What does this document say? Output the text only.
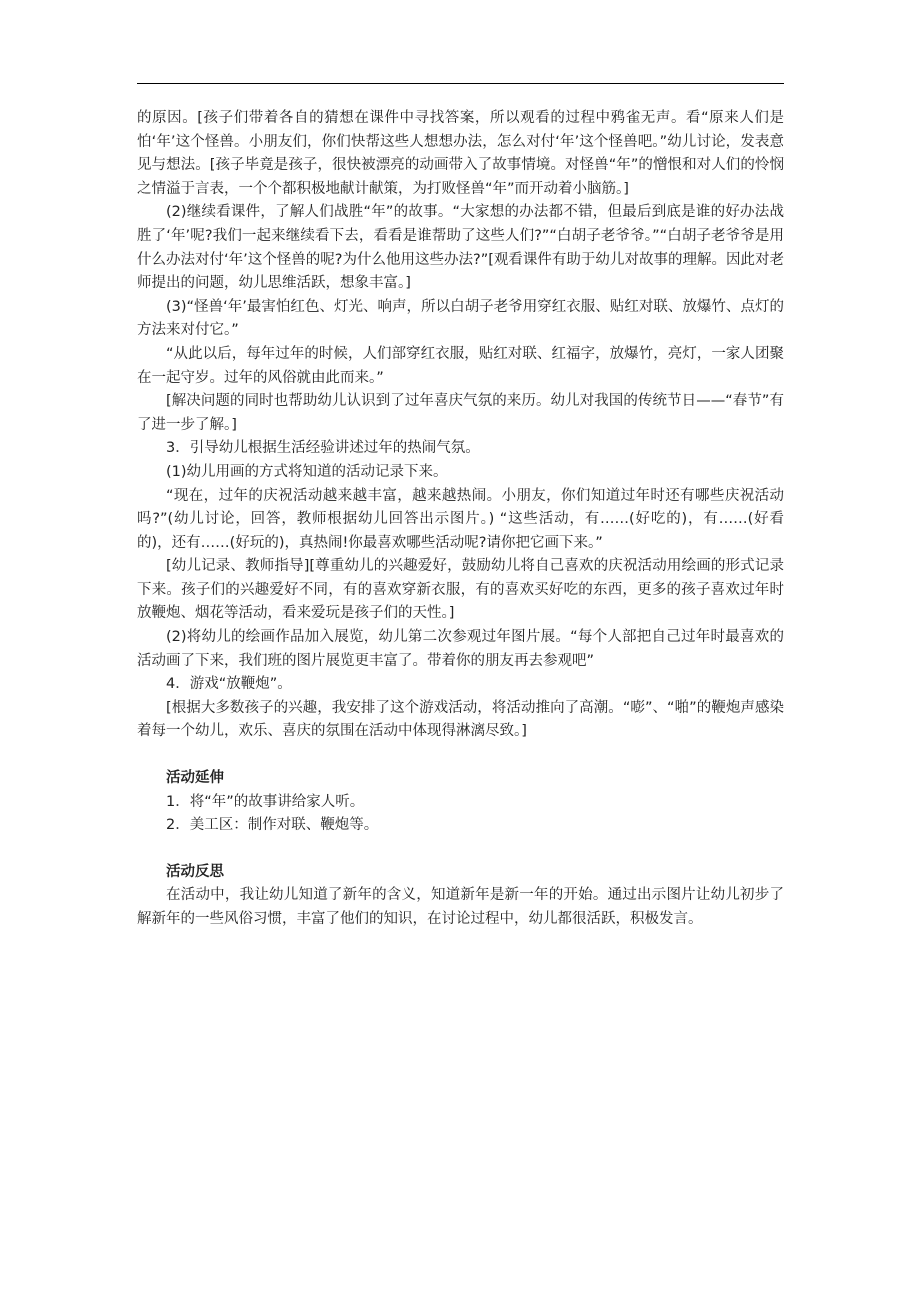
的原因。[孩子们带着各自的猜想在课件中寻找答案，所以观看的过程中鸦雀无声。看“原来人们是怕‘年’这个怪兽。小朋友们，你们快帮这些人想想办法，怎么对付‘年’这个怪兽吧。”幼儿讨论，发表意见与想法。[孩子毕竟是孩子，很快被漂亮的动画带入了故事情境。对怪兽“年”的憎恨和对人们的怜悯之情溢于言表，一个个都积极地献计献策，为打败怪兽“年”而开动着小脑筋。]

(2)继续看课件，了解人们战胜“年”的故事。“大家想的办法都不错，但最后到底是谁的好办法战胜了‘年’呢?我们一起来继续看下去，看看是谁帮助了这些人们?”“白胡子老爷爷。”“白胡子老爷爷是用什么办法对付‘年’这个怪兽的呢?为什么他用这些办法?”[观看课件有助于幼儿对故事的理解。因此对老师提出的问题，幼儿思维活跃，想象丰富。]

(3)“怪兽‘年’最害怕红色、灯光、响声，所以白胡子老爷用穿红衣服、贴红对联、放爆竹、点灯的方法来对付它。”

“从此以后，每年过年的时候，人们部穿红衣服，贴红对联、红福字，放爆竹，亮灯，一家人团聚在一起守岁。过年的风俗就由此而来。”

[解决问题的同时也帮助幼儿认识到了过年喜庆气氛的来历。幼儿对我国的传统节日——“春节”有了进一步了解。]

3．引导幼儿根据生活经验讲述过年的热闹气氛。

(1)幼儿用画的方式将知道的活动记录下来。

“现在，过年的庆祝活动越来越丰富，越来越热闹。小朋友，你们知道过年时还有哪些庆祝活动吗?”(幼儿讨论，回答，教师根据幼儿回答出示图片。) “这些活动，有……(好吃的)，有……(好看的)，还有……(好玩的)，真热闹!你最喜欢哪些活动呢?请你把它画下来。”

[幼儿记录、教师指导][尊重幼儿的兴趣爱好，鼓励幼儿将自己喜欢的庆祝活动用绘画的形式记录下来。孩子们的兴趣爱好不同，有的喜欢穿新衣服，有的喜欢买好吃的东西，更多的孩子喜欢过年时放鞭炮、烟花等活动，看来爱玩是孩子们的天性。]

(2)将幼儿的绘画作品加入展览，幼儿第二次参观过年图片展。“每个人部把自己过年时最喜欢的活动画了下来，我们班的图片展览更丰富了。带着你的朋友再去参观吧”

4．游戏“放鞭炮”。

[根据大多数孩子的兴趣，我安排了这个游戏活动，将活动推向了高潮。“嘭”、“啪”的鞭炮声感染着每一个幼儿，欢乐、喜庆的氛围在活动中体现得淋漓尽致。]

活动延伸

1．将“年”的故事讲给家人听。

2．美工区：制作对联、鞭炮等。

活动反思

在活动中，我让幼儿知道了新年的含义，知道新年是新一年的开始。通过出示图片让幼儿初步了解新年的一些风俗习惯，丰富了他们的知识，在讨论过程中，幼儿都很活跃，积极发言。
